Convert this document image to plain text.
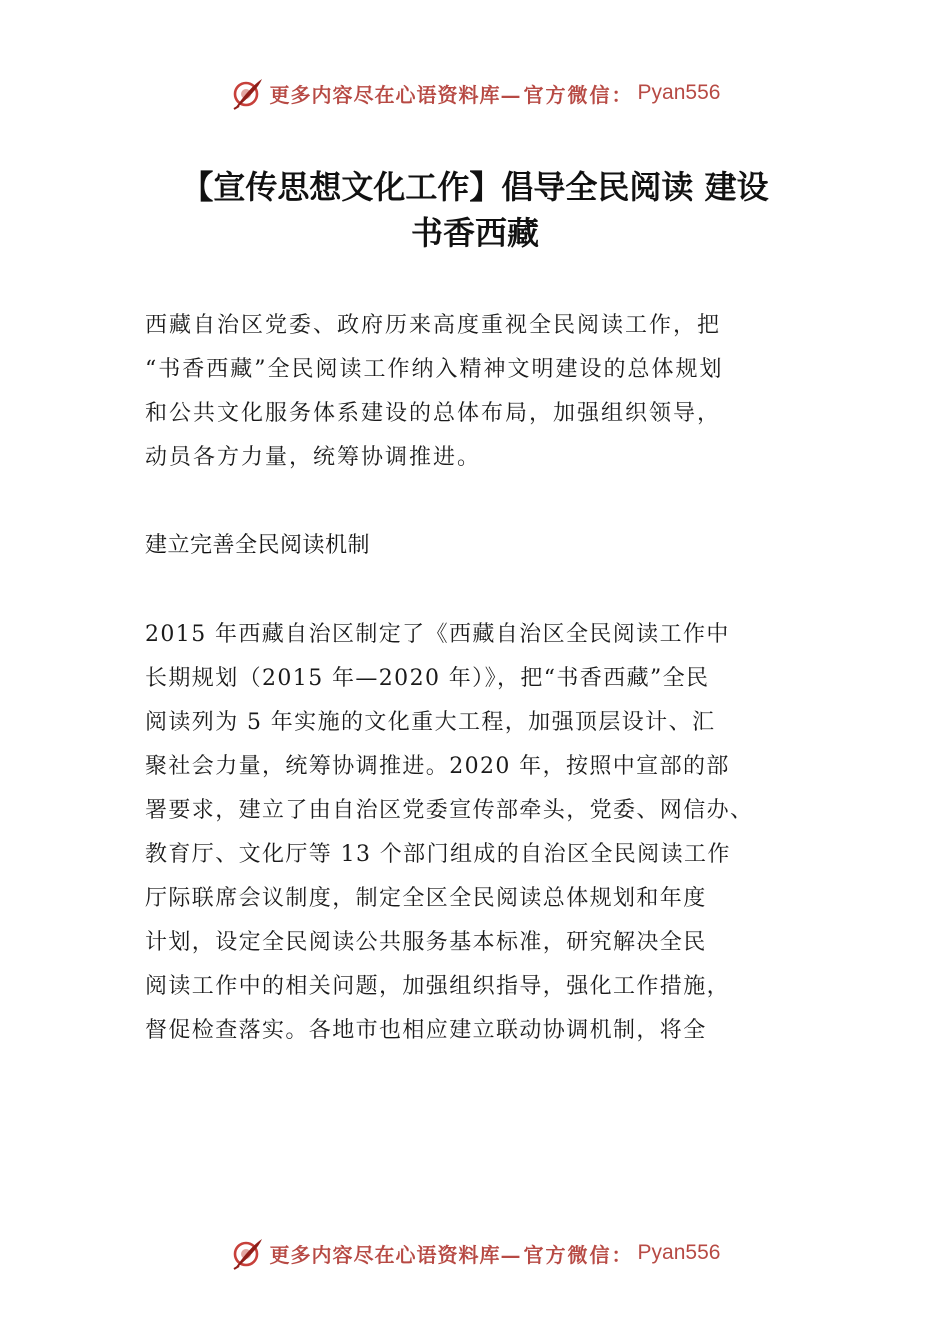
更多内容尽在心语资料库— 官方微信： Pyan556
【宣传思想文化工作】倡导全民阅读 建设
书香西藏

西藏自治区党委、政府历来高度重视全民阅读工作，把
“书香西藏”全民阅读工作纳入精神文明建设的总体规划
和公共文化服务体系建设的总体布局，加强组织领导，
动员各方力量，统筹协调推进。

建立完善全民阅读机制

2015 年西藏自治区制定了《西藏自治区全民阅读工作中
长期规划（2015 年—2020 年）》，把“书香西藏”全民
阅读列为 5 年实施的文化重大工程，加强顶层设计、汇
聚社会力量，统筹协调推进。2020 年，按照中宣部的部
署要求，建立了由自治区党委宣传部牵头，党委、网信办、
教育厅、文化厅等 13 个部门组成的自治区全民阅读工作
厅际联席会议制度，制定全区全民阅读总体规划和年度
计划，设定全民阅读公共服务基本标准，研究解决全民
阅读工作中的相关问题，加强组织指导，强化工作措施，
督促检查落实。各地市也相应建立联动协调机制，将全

更多内容尽在心语资料库— 官方微信： Pyan556
